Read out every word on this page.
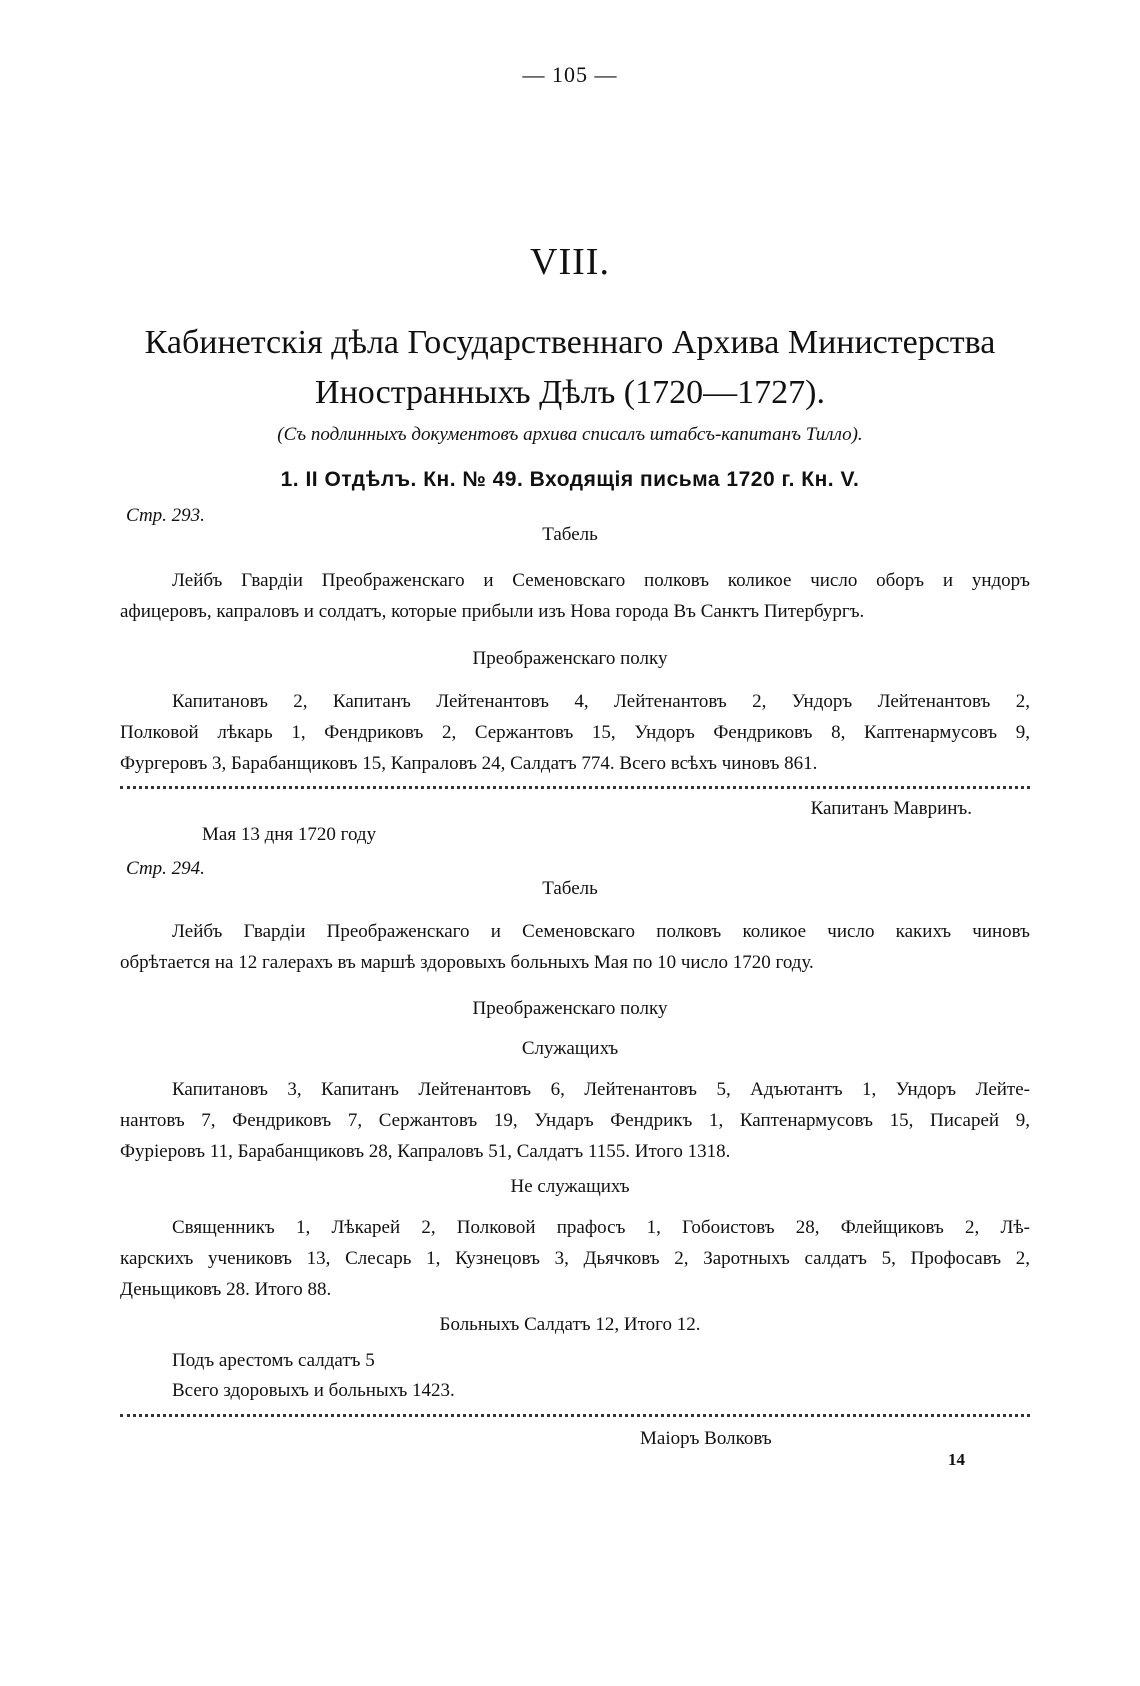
— 105 —
VIII.
Кабинетскія дѣла Государственнаго Архива Министерства
Иностранныхъ Дѣлъ (1720—1727).
(Съ подлинныхъ документовъ архива списалъ штабсъ-капитанъ Тилло).
1. II Отдѣлъ. Кн. № 49. Входящія письма 1720 г. Кн. V.
Стр. 293.
Табель
Лейбъ Гвардіи Преображенскаго и Семеновскаго полковъ коликое число оборъ и ундоръ
афицеровъ, капраловъ и солдатъ, которые прибыли изъ Нова города Въ Санктъ Питербургъ.
Преображенскаго полку
Капитановъ 2, Капитанъ Лейтенантовъ 4, Лейтенантовъ 2, Ундоръ Лейтенантовъ 2,
Полковой лѣкарь 1, Фендриковъ 2, Сержантовъ 15, Ундоръ Фендриковъ 8, Каптенармусовъ 9,
Фургеровъ 3, Барабанщиковъ 15, Капраловъ 24, Салдатъ 774. Всего всѣхъ чиновъ 861.
Капитанъ Мавринъ.
Мая 13 дня 1720 году
Стр. 294.
Табель
Лейбъ Гвардіи Преображенскаго и Семеновскаго полковъ коликое число какихъ чиновъ
обрѣтается на 12 галерахъ въ маршѣ здоровыхъ больныхъ Мая по 10 число 1720 году.
Преображенскаго полку
Служащихъ
Капитановъ 3, Капитанъ Лейтенантовъ 6, Лейтенантовъ 5, Адъютантъ 1, Ундоръ Лейте-
нантовъ 7, Фендриковъ 7, Сержантовъ 19, Ундаръ Фендрикъ 1, Каптенармусовъ 15, Писарей 9,
Фуріеровъ 11, Барабанщиковъ 28, Капраловъ 51, Салдатъ 1155. Итого 1318.
Не служащихъ
Священникъ 1, Лѣкарей 2, Полковой прафосъ 1, Гобоистовъ 28, Флейщиковъ 2, Лѣ-
карскихъ учениковъ 13, Слесарь 1, Кузнецовъ 3, Дьячковъ 2, Заротныхъ салдатъ 5, Профосавъ 2,
Деньщиковъ 28. Итого 88.
Больныхъ Салдатъ 12, Итого 12.
Подъ арестомъ салдатъ 5
Всего здоровыхъ и больныхъ 1423.
Маіоръ Волковъ
14
